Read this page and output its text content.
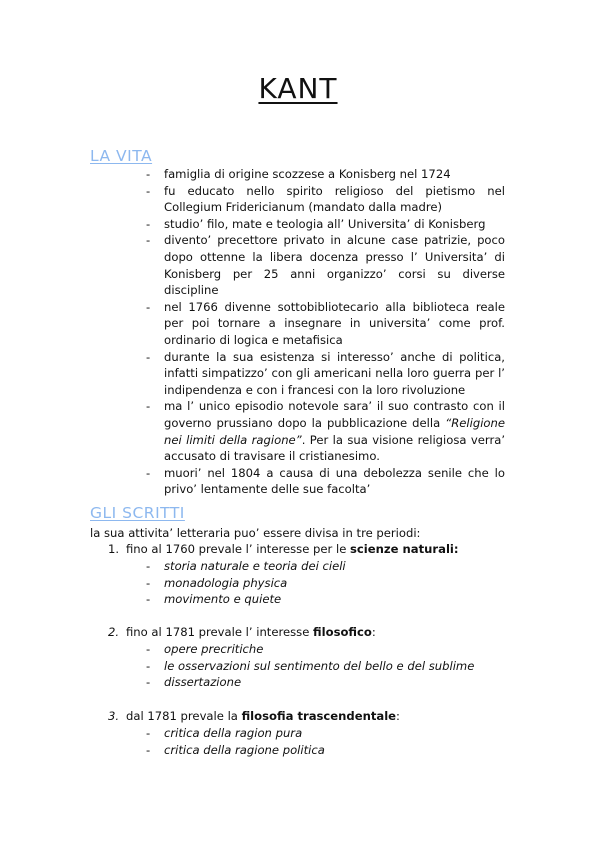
KANT
LA VITA
- famiglia di origine scozzese a Konisberg nel 1724
- fu educato nello spirito religioso del pietismo nel Collegium Fridericianum (mandato dalla madre)
- studio’ filo, mate e teologia all’ Universita’ di Konisberg
- divento’ precettore privato in alcune case patrizie, poco dopo ottenne la libera docenza presso l’ Universita’ di Konisberg per 25 anni organizzo’ corsi su diverse discipline
- nel 1766 divenne sottobibliotecario alla biblioteca reale per poi tornare a insegnare in universita’ come prof. ordinario di logica e metafisica
- durante la sua esistenza si interesso’ anche di politica, infatti simpatizzo’ con gli americani nella loro guerra per l’ indipendenza e con i francesi con la loro rivoluzione
- ma l’ unico episodio notevole sara’ il suo contrasto con il governo prussiano dopo la pubblicazione della “Religione nei limiti della ragione”. Per la sua visione religiosa verra’ accusato di travisare il cristianesimo.
- muori’ nel 1804 a causa di una debolezza senile che lo privo’ lentamente delle sue facolta’
GLI SCRITTI
la sua attivita’ letteraria puo’ essere divisa in tre periodi:
1. fino al 1760 prevale l’ interesse per le scienze naturali:
- storia naturale e teoria dei cieli
- monadologia physica
- movimento e quiete
2. fino al 1781 prevale l’ interesse filosofico:
- opere precritiche
- le osservazioni sul sentimento del bello e del sublime
- dissertazione
3. dal 1781 prevale la filosofia trascendentale:
- critica della ragion pura
- critica della ragione politica
